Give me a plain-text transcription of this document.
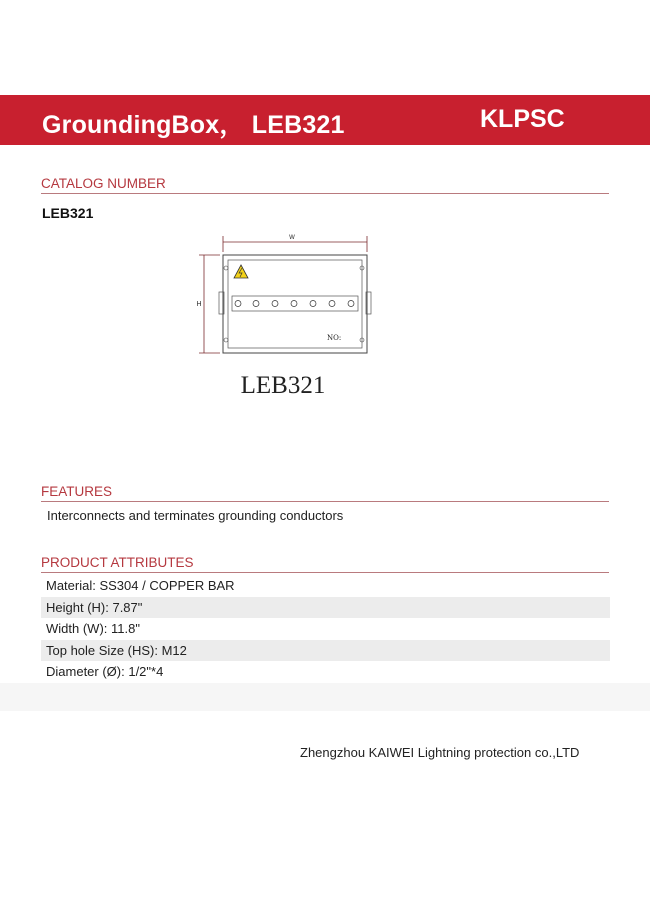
GroundingBox， LEB321	KLPSC
CATALOG NUMBER
LEB321
W
H
NO:
LEB321
FEATURES
Interconnects and terminates grounding conductors
PRODUCT ATTRIBUTES
Material: SS304 / COPPER BAR
Height (H): 7.87"
Width (W): 11.8"
Top hole Size (HS): M12
Diameter (Ø): 1/2"*4
Zhengzhou KAIWEI Lightning protection co.,LTD
